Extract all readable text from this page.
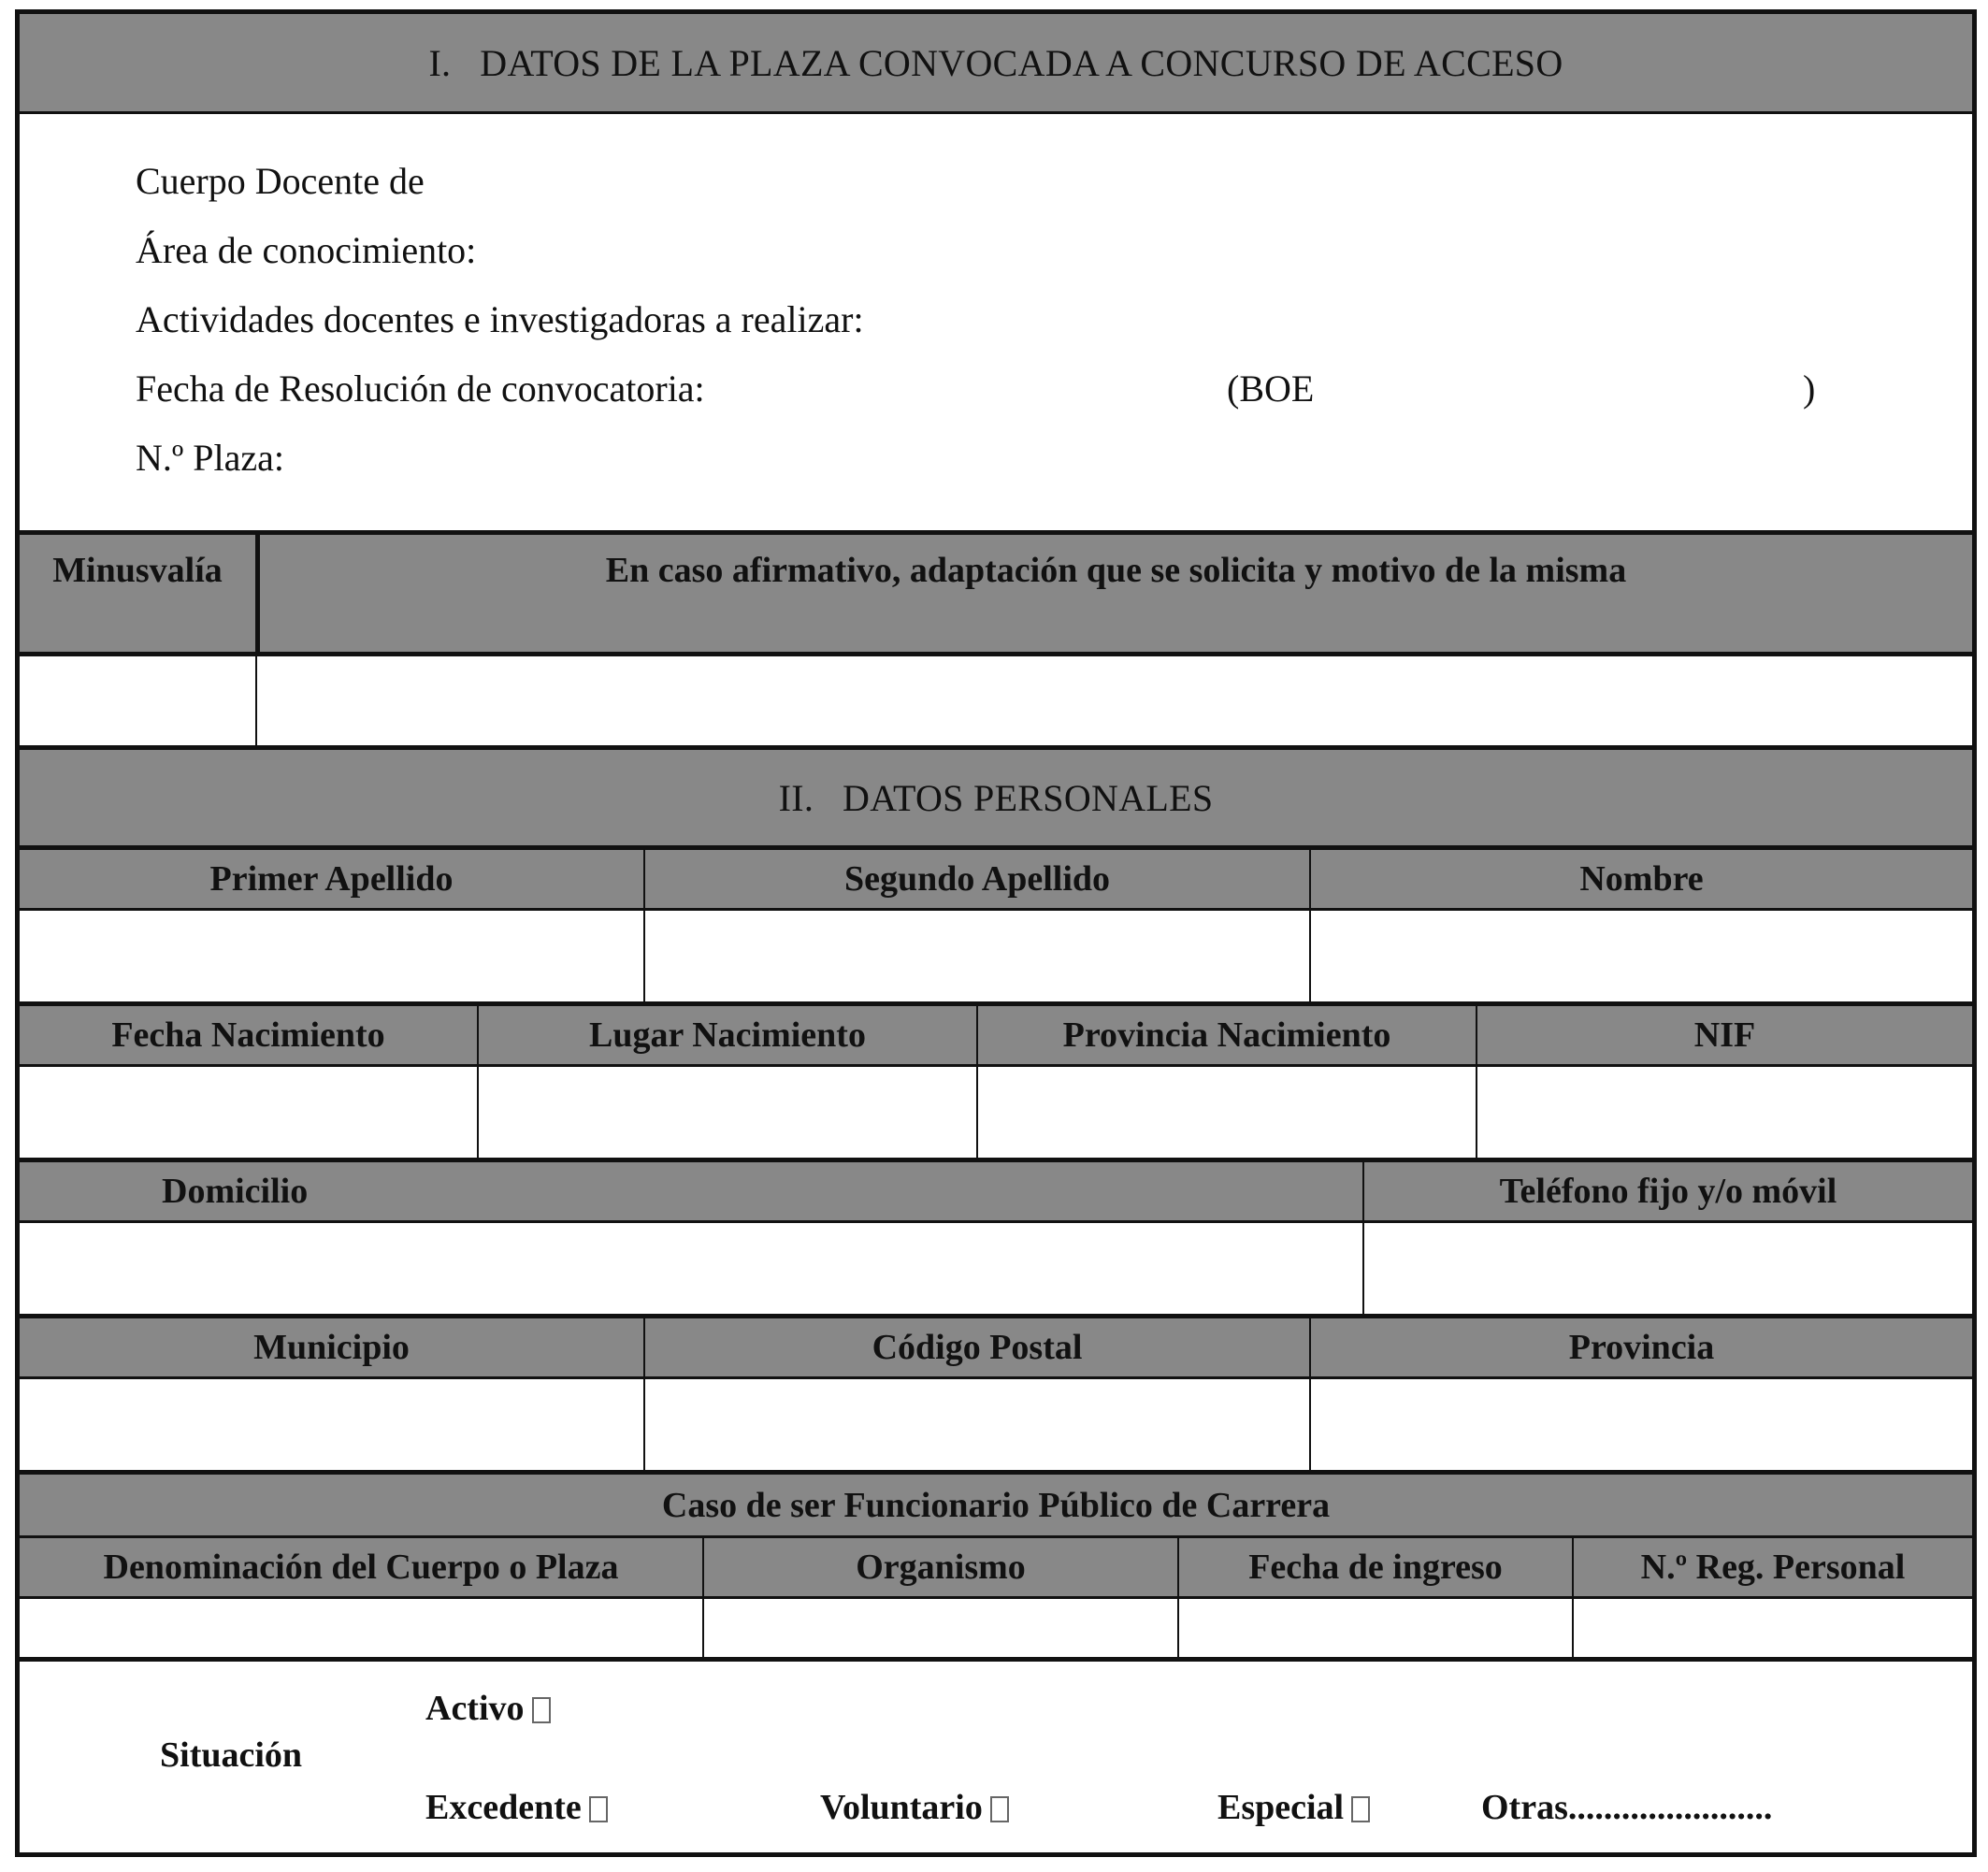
I.   DATOS DE LA PLAZA CONVOCADA A CONCURSO DE ACCESO
Cuerpo Docente de
Área de conocimiento:
Actividades docentes e investigadoras a realizar:
Fecha de Resolución de convocatoria:	(BOE	)
N.º Plaza:
Minusvalía	En caso afirmativo, adaptación que se solicita y motivo de la misma
II.   DATOS PERSONALES
Primer Apellido	Segundo Apellido	Nombre
Fecha Nacimiento	Lugar Nacimiento	Provincia Nacimiento	NIF
Domicilio	Teléfono fijo y/o móvil
Municipio	Código Postal	Provincia
Caso de ser Funcionario Público de Carrera
Denominación del Cuerpo o Plaza	Organismo	Fecha de ingreso	N.º Reg. Personal
Situación
Activo
Excedente	Voluntario	Especial	Otras.......................
